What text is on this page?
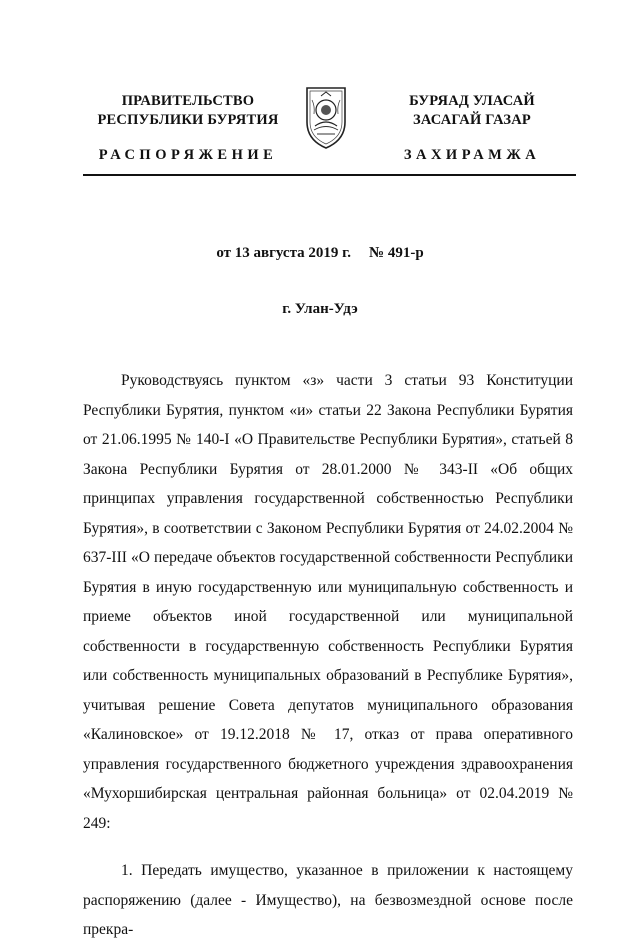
ПРАВИТЕЛЬСТВО
РЕСПУБЛИКИ БУРЯТИЯ
РАСПОРЯЖЕНИЕ
БУРЯАД УЛАСАЙ
ЗАСАГАЙ ГАЗАР
ЗАХИРАМЖА
от 13 августа 2019 г. № 491-р
г. Улан-Удэ

Руководствуясь пунктом «з» части 3 статьи 93 Конституции Республики Бурятия, пунктом «и» статьи 22 Закона Республики Бурятия от 21.06.1995 № 140-I «О Правительстве Республики Бурятия», статьей 8 Закона Республики Бурятия от 28.01.2000 № 343-II «Об общих принципах управления государственной собственностью Республики Бурятия», в соответствии с Законом Республики Бурятия от 24.02.2004 № 637-III «О передаче объектов государственной собственности Республики Бурятия в иную государственную или муниципальную собственность и приеме объектов иной государственной или муниципальной собственности в государственную собственность Республики Бурятия или собственность муниципальных образований в Республике Бурятия», учитывая решение Совета депутатов муниципального образования «Калиновское» от 19.12.2018 № 17, отказ от права оперативного управления государственного бюджетного учреждения здравоохранения «Мухоршибирская центральная районная больница» от 02.04.2019 № 249:

1. Передать имущество, указанное в приложении к настоящему распоряжению (далее - Имущество), на безвозмездной основе после прекра-
